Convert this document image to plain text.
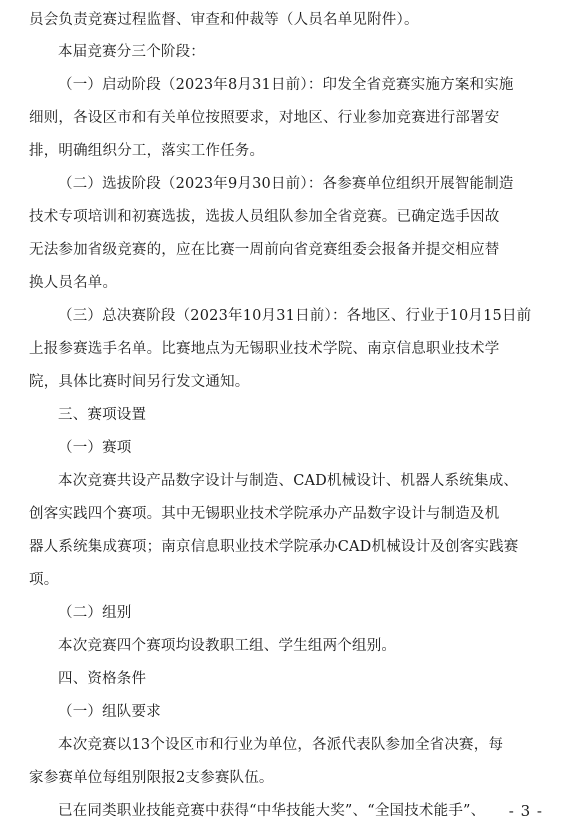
员会负责竞赛过程监督、审查和仲裁等（人员名单见附件）。
本届竞赛分三个阶段：
（一）启动阶段（2023年8月31日前）：印发全省竞赛实施方案和实施
细则，各设区市和有关单位按照要求，对地区、行业参加竞赛进行部署安
排，明确组织分工，落实工作任务。
（二）选拔阶段（2023年9月30日前）：各参赛单位组织开展智能制造
技术专项培训和初赛选拔，选拔人员组队参加全省竞赛。已确定选手因故
无法参加省级竞赛的，应在比赛一周前向省竞赛组委会报备并提交相应替
换人员名单。
（三）总决赛阶段（2023年10月31日前）：各地区、行业于10月15日前
上报参赛选手名单。比赛地点为无锡职业技术学院、南京信息职业技术学
院，具体比赛时间另行发文通知。
三、赛项设置
（一）赛项
本次竞赛共设产品数字设计与制造、CAD机械设计、机器人系统集成、
创客实践四个赛项。其中无锡职业技术学院承办产品数字设计与制造及机
器人系统集成赛项；南京信息职业技术学院承办CAD机械设计及创客实践赛
项。
（二）组别
本次竞赛四个赛项均设教职工组、学生组两个组别。
四、资格条件
（一）组队要求
本次竞赛以13个设区市和行业为单位，各派代表队参加全省决赛，每
家参赛单位每组别限报2支参赛队伍。
已在同类职业技能竞赛中获得“中华技能大奖”、“全国技术能手”、	- 3 -
